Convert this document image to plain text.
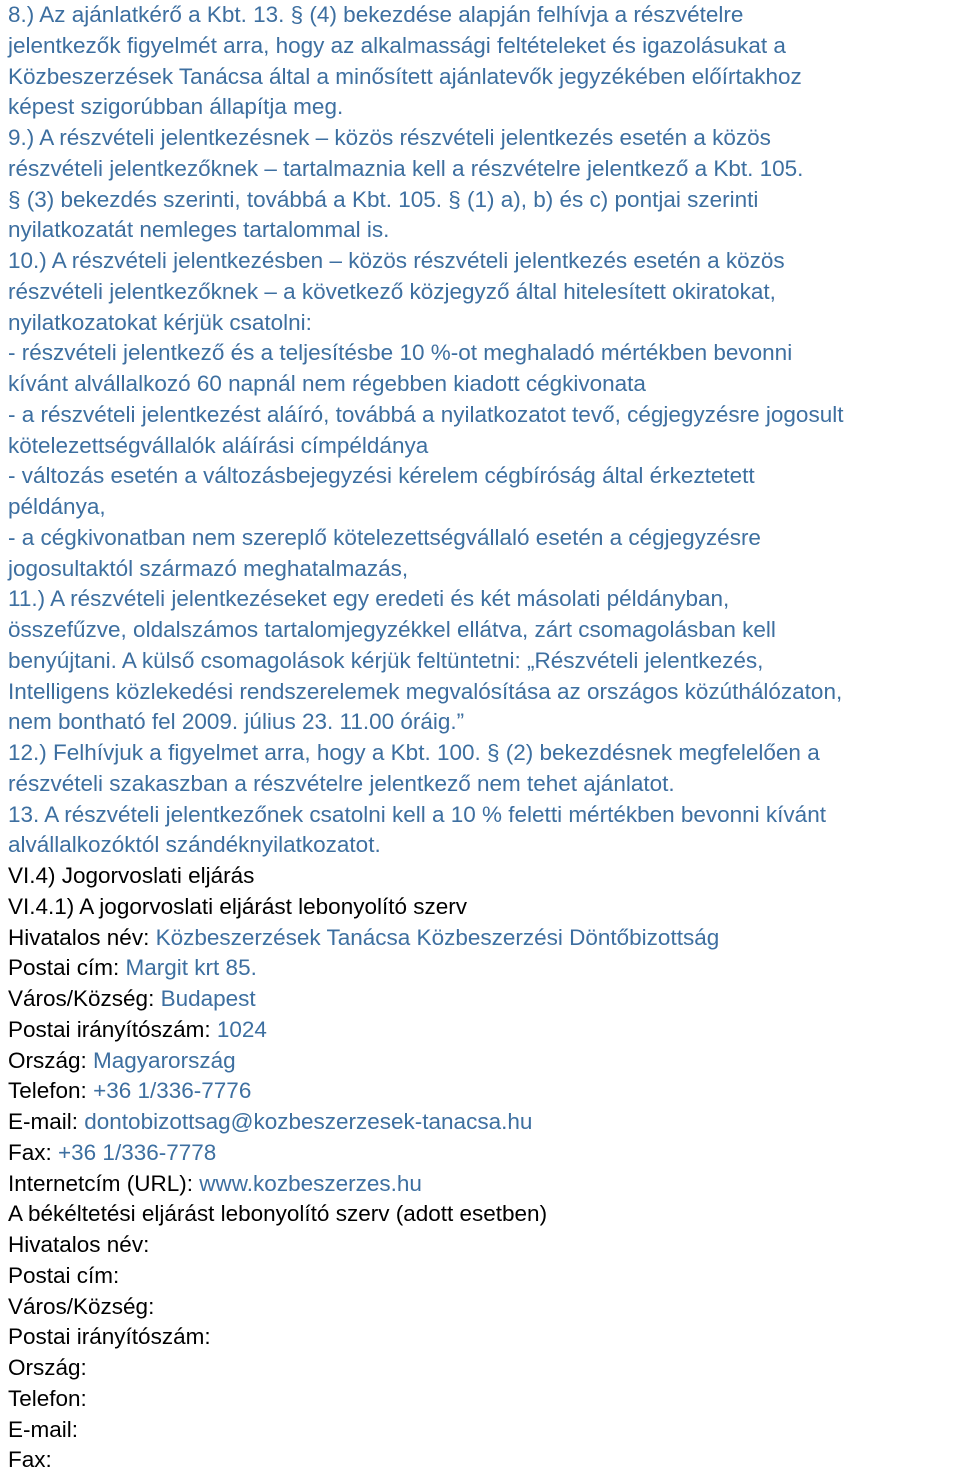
8.) Az ajánlatkérő a Kbt. 13. § (4) bekezdése alapján felhívja a részvételre
jelentkezők figyelmét arra, hogy az alkalmassági feltételeket és igazolásukat a
Közbeszerzések Tanácsa által a minősített ajánlatevők jegyzékében előírtakhoz
képest szigorúbban állapítja meg.
9.) A részvételi jelentkezésnek – közös részvételi jelentkezés esetén a közös
részvételi jelentkezőknek – tartalmaznia kell a részvételre jelentkező a Kbt. 105.
§ (3) bekezdés szerinti, továbbá a Kbt. 105. § (1) a), b) és c) pontjai szerinti
nyilatkozatát nemleges tartalommal is.
10.) A részvételi jelentkezésben – közös részvételi jelentkezés esetén a közös
részvételi jelentkezőknek – a következő közjegyző által hitelesített okiratokat,
nyilatkozatokat kérjük csatolni:
- részvételi jelentkező és a teljesítésbe 10 %-ot meghaladó mértékben bevonni
kívánt alvállalkozó 60 napnál nem régebben kiadott cégkivonata
- a részvételi jelentkezést aláíró, továbbá a nyilatkozatot tevő, cégjegyzésre jogosult
kötelezettségvállalók aláírási címpéldánya
- változás esetén a változásbejegyzési kérelem cégbíróság által érkeztetett
példánya,
- a cégkivonatban nem szereplő kötelezettségvállaló esetén a cégjegyzésre
jogosultaktól származó meghatalmazás,
11.) A részvételi jelentkezéseket egy eredeti és két másolati példányban,
összefűzve, oldalszámos tartalomjegyzékkel ellátva, zárt csomagolásban kell
benyújtani. A külső csomagolások kérjük feltüntetni: „Részvételi jelentkezés,
Intelligens közlekedési rendszerelemek megvalósítása az országos közúthálózaton,
nem bontható fel 2009. július 23. 11.00 óráig.”
12.) Felhívjuk a figyelmet arra, hogy a Kbt. 100. § (2) bekezdésnek megfelelően a
részvételi szakaszban a részvételre jelentkező nem tehet ajánlatot.
13. A részvételi jelentkezőnek csatolni kell a 10 % feletti mértékben bevonni kívánt
alvállalkozóktól szándéknyilatkozatot.
VI.4) Jogorvoslati eljárás
VI.4.1) A jogorvoslati eljárást lebonyolító szerv
Hivatalos név: Közbeszerzések Tanácsa Közbeszerzési Döntőbizottság
Postai cím: Margit krt 85.
Város/Község: Budapest
Postai irányítószám: 1024
Ország: Magyarország
Telefon: +36 1/336-7776
E-mail: dontobizottsag@kozbeszerzesek-tanacsa.hu
Fax: +36 1/336-7778
Internetcím (URL): www.kozbeszerzes.hu
A békéltetési eljárást lebonyolító szerv (adott esetben)
Hivatalos név:
Postai cím:
Város/Község:
Postai irányítószám:
Ország:
Telefon:
E-mail:
Fax:
